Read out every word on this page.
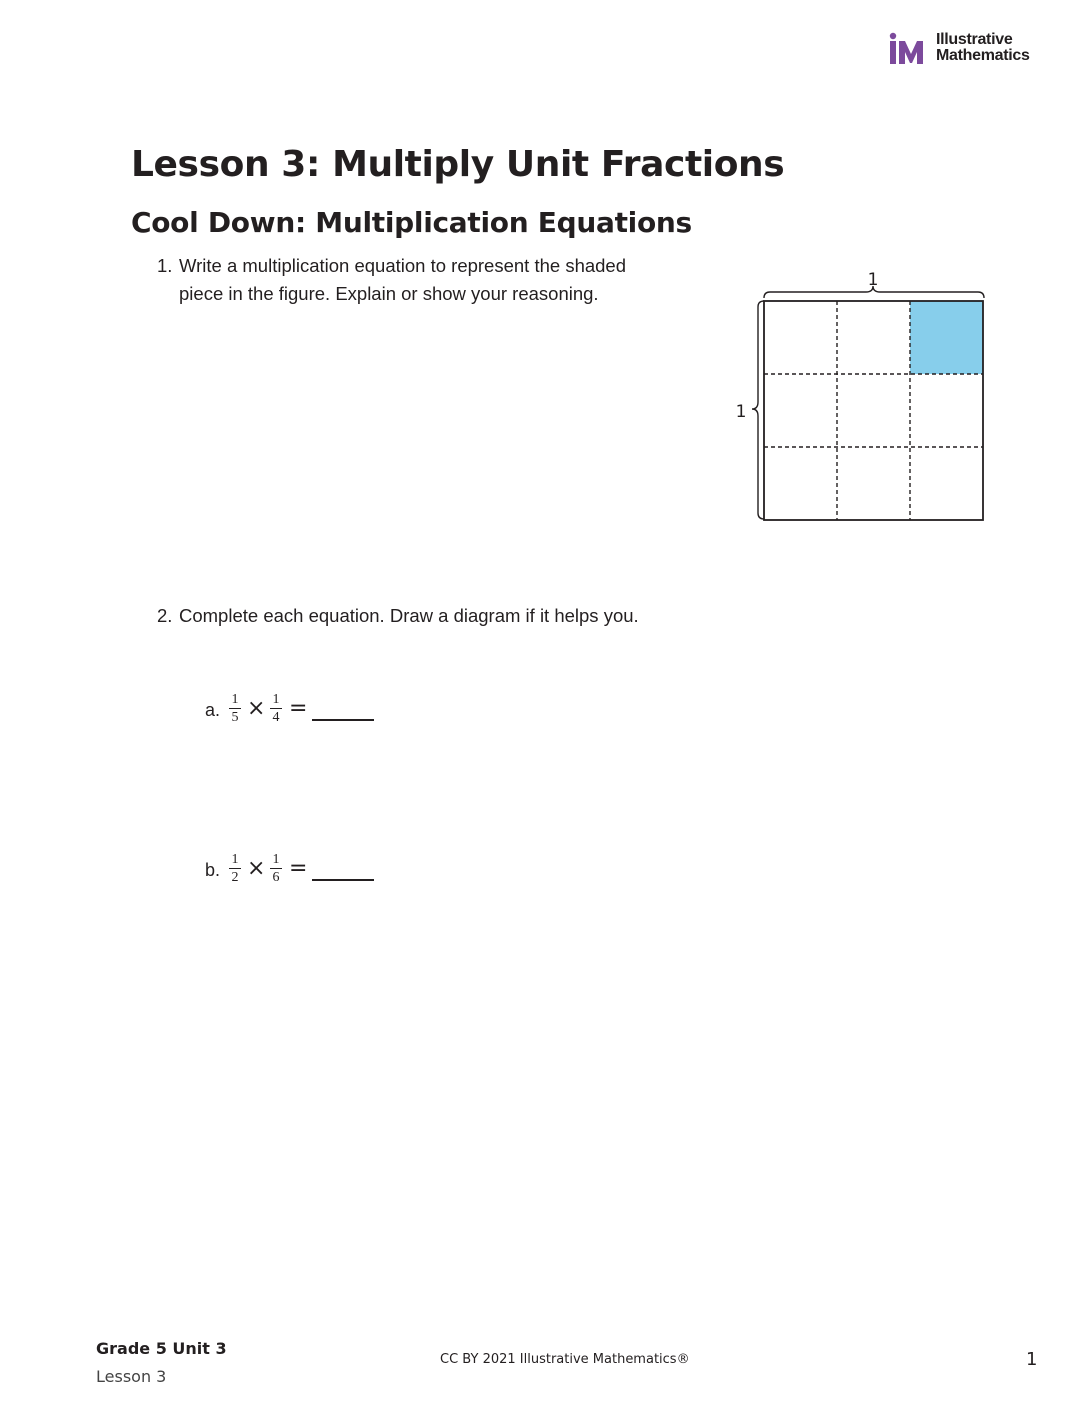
Illustrative
Mathematics
Lesson 3: Multiply Unit Fractions
Cool Down: Multiplication Equations
1. Write a multiplication equation to represent the shaded
piece in the figure. Explain or show your reasoning.
1
1
2. Complete each equation. Draw a diagram if it helps you.
a.
1
5 × 1
4 =
b.
1
2 × 1
6 =
Grade 5 Unit 3
Lesson 3
CC BY 2021 Illustrative Mathematics®	1
